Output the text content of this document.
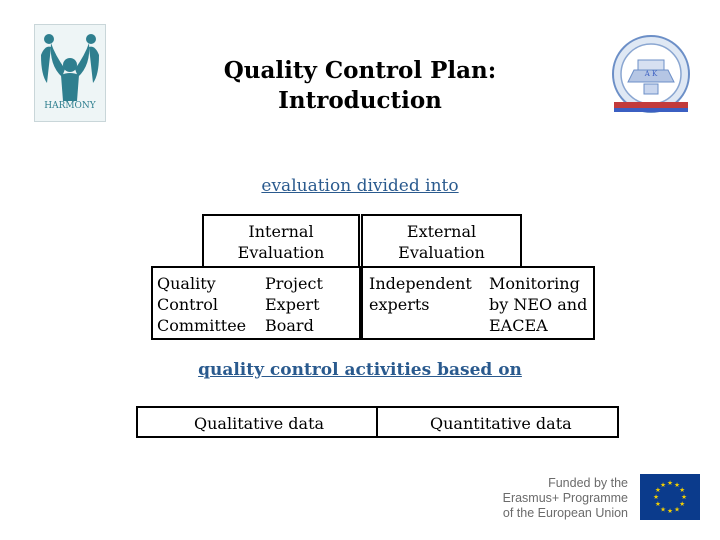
HARMONY
A K
Quality Control Plan:
Introduction
evaluation divided into
Internal
Evaluation
Quality
Control
Committee
Project
Expert
Board
External
Evaluation
Independent
experts
Monitoring
by NEO and
EACEA
quality control activities based on
Qualitative data	Quantitative data
Funded by the
Erasmus+ Programme
of the European Union
★ ★
★
★
★
★
★
★
★
★
★
★
